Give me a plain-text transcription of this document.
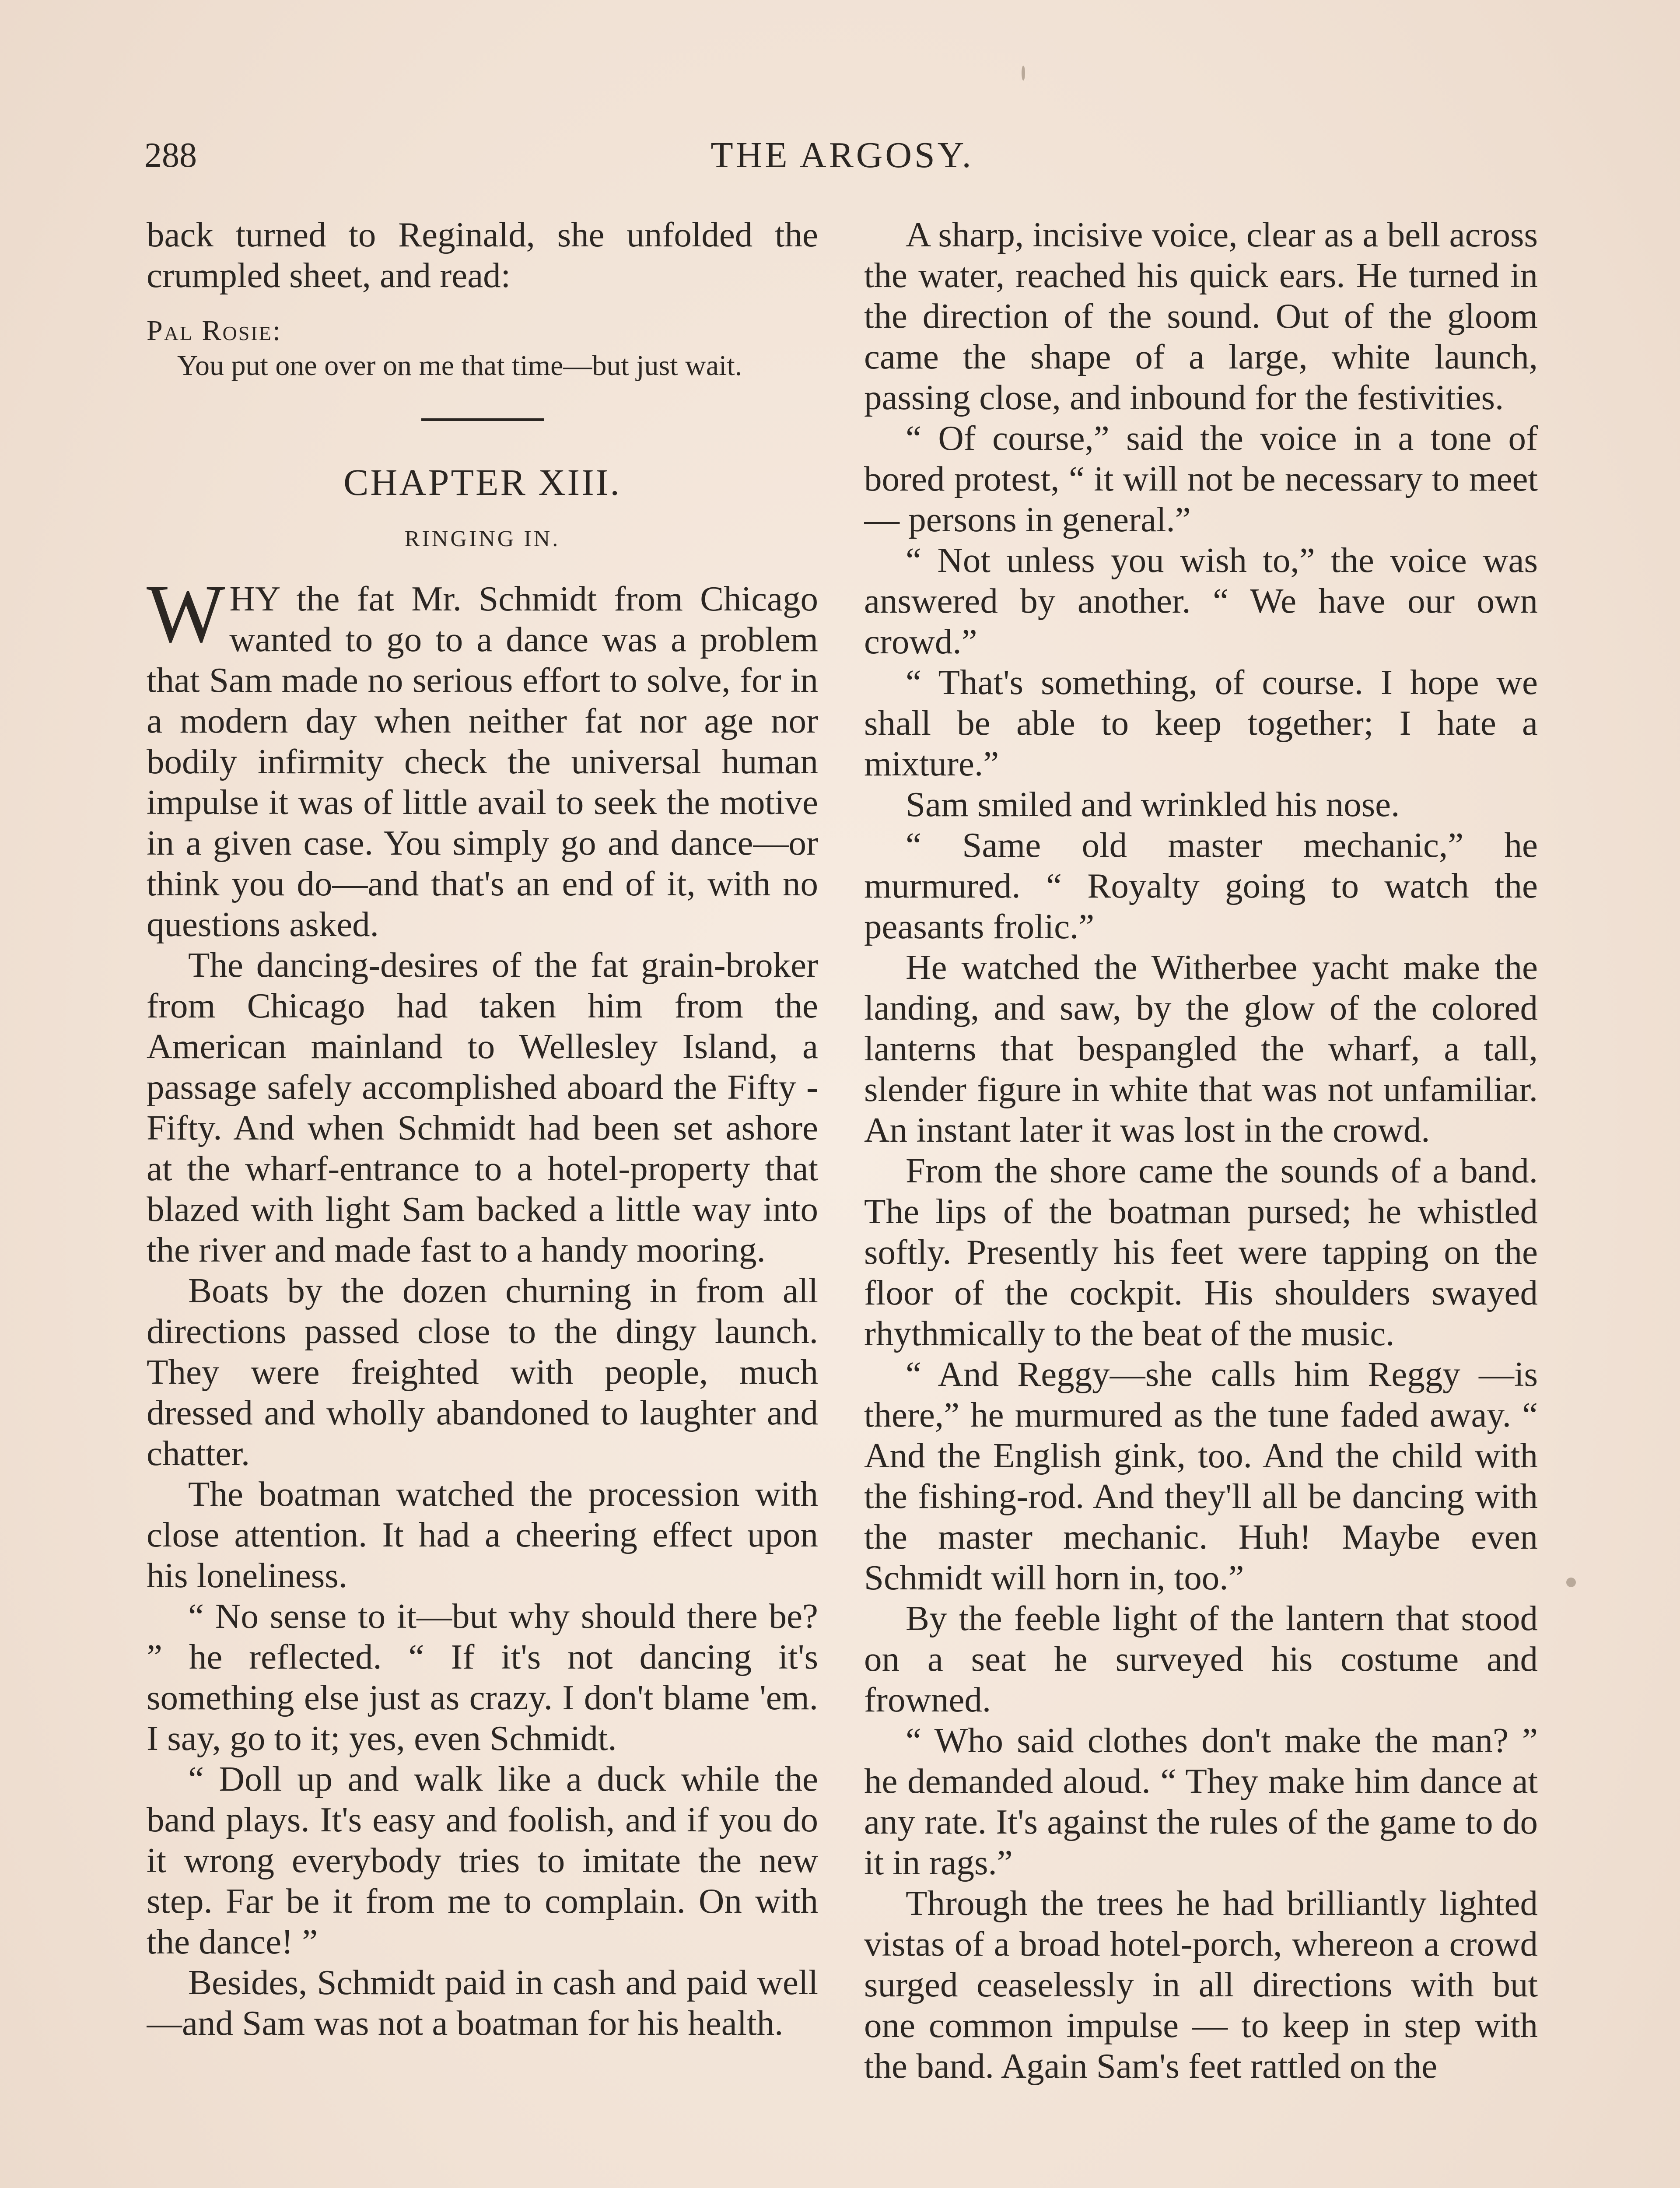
288	THE ARGOSY.

back turned to Reginald, she unfolded the crumpled sheet, and read:

Pal Rosie:

You put one over on me that time—but just wait.

CHAPTER XIII.
RINGING IN.

WHY the fat Mr. Schmidt from Chicago wanted to go to a dance was a problem that Sam made no serious effort to solve, for in a modern day when neither fat nor age nor bodily infirmity check the universal human impulse it was of little avail to seek the motive in a given case. You simply go and dance—or think you do—and that's an end of it, with no questions asked.

The dancing-desires of the fat grain-broker from Chicago had taken him from the American mainland to Wellesley Island, a passage safely accomplished aboard the Fifty - Fifty. And when Schmidt had been set ashore at the wharf-entrance to a hotel-property that blazed with light Sam backed a little way into the river and made fast to a handy mooring.

Boats by the dozen churning in from all directions passed close to the dingy launch. They were freighted with people, much dressed and wholly abandoned to laughter and chatter.

The boatman watched the procession with close attention. It had a cheering effect upon his loneliness.

“ No sense to it—but why should there be? ” he reflected. “ If it's not dancing it's something else just as crazy. I don't blame 'em. I say, go to it; yes, even Schmidt.

“ Doll up and walk like a duck while the band plays. It's easy and foolish, and if you do it wrong everybody tries to imitate the new step. Far be it from me to complain. On with the dance! ”

Besides, Schmidt paid in cash and paid well—and Sam was not a boatman for his health.

A sharp, incisive voice, clear as a bell across the water, reached his quick ears. He turned in the direction of the sound. Out of the gloom came the shape of a large, white launch, passing close, and inbound for the festivities.

“ Of course,” said the voice in a tone of bored protest, “ it will not be necessary to meet — persons in general.”

“ Not unless you wish to,” the voice was answered by another. “ We have our own crowd.”

“ That's something, of course. I hope we shall be able to keep together; I hate a mixture.”

Sam smiled and wrinkled his nose.

“ Same old master mechanic,” he murmured. “ Royalty going to watch the peasants frolic.”

He watched the Witherbee yacht make the landing, and saw, by the glow of the colored lanterns that bespangled the wharf, a tall, slender figure in white that was not unfamiliar. An instant later it was lost in the crowd.

From the shore came the sounds of a band. The lips of the boatman pursed; he whistled softly. Presently his feet were tapping on the floor of the cockpit. His shoulders swayed rhythmically to the beat of the music.

“ And Reggy—she calls him Reggy —is there,” he murmured as the tune faded away. “ And the English gink, too. And the child with the fishing-rod. And they'll all be dancing with the master mechanic. Huh! Maybe even Schmidt will horn in, too.”

By the feeble light of the lantern that stood on a seat he surveyed his costume and frowned.

“ Who said clothes don't make the man? ” he demanded aloud. “ They make him dance at any rate. It's against the rules of the game to do it in rags.”

Through the trees he had brilliantly lighted vistas of a broad hotel-porch, whereon a crowd surged ceaselessly in all directions with but one common impulse — to keep in step with the band. Again Sam's feet rattled on the
